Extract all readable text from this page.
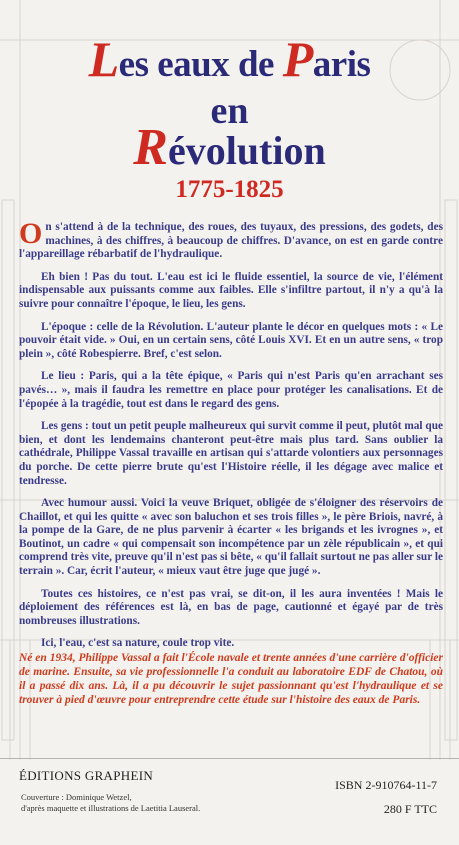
Les eaux de Paris
en
Révolution
1775-1825

On s'attend à de la technique, des roues, des tuyaux, des pressions, des godets, des machines, à des chiffres, à beaucoup de chiffres. D'avance, on est en garde contre l'appareillage rébarbatif de l'hydraulique.

Eh bien ! Pas du tout. L'eau est ici le fluide essentiel, la source de vie, l'élément indispensable aux puissants comme aux faibles. Elle s'infiltre partout, il n'y a qu'à la suivre pour connaître l'époque, le lieu, les gens.

L'époque : celle de la Révolution. L'auteur plante le décor en quelques mots : « Le pouvoir était vide. » Oui, en un certain sens, côté Louis XVI. Et en un autre sens, « trop plein », côté Robespierre. Bref, c'est selon.

Le lieu : Paris, qui a la tête épique, « Paris qui n'est Paris qu'en arrachant ses pavés… », mais il faudra les remettre en place pour protéger les canalisations. Et de l'épopée à la tragédie, tout est dans le regard des gens.

Les gens : tout un petit peuple malheureux qui survit comme il peut, plutôt mal que bien, et dont les lendemains chanteront peut-être mais plus tard. Sans oublier la cathédrale, Philippe Vassal travaille en artisan qui s'attarde volontiers aux personnages du porche. De cette pierre brute qu'est l'Histoire réelle, il les dégage avec malice et tendresse.

Avec humour aussi. Voici la veuve Briquet, obligée de s'éloigner des réservoirs de Chaillot, et qui les quitte « avec son baluchon et ses trois filles », le père Briois, navré, à la pompe de la Gare, de ne plus parvenir à écarter « les brigands et les ivrognes », et Boutinot, un cadre « qui compensait son incompétence par un zèle républicain », et qui comprend très vite, preuve qu'il n'est pas si bête, « qu'il fallait surtout ne pas aller sur le terrain ». Car, écrit l'auteur, « mieux vaut être juge que jugé ».

Toutes ces histoires, ce n'est pas vrai, se dit-on, il les aura inventées ! Mais le déploiement des références est là, en bas de page, cautionné et égayé par de très nombreuses illustrations.

Ici, l'eau, c'est sa nature, coule trop vite.

Né en 1934, Philippe Vassal a fait l'École navale et trente années d'une carrière d'officier de marine. Ensuite, sa vie professionnelle l'a conduit au laboratoire EDF de Chatou, où il a passé dix ans. Là, il a pu découvrir le sujet passionnant qu'est l'hydraulique et se trouver à pied d'œuvre pour entreprendre cette étude sur l'histoire des eaux de Paris.
ÉDITIONS GRAPHEIN
ISBN 2-910764-11-7
Couverture : Dominique Wetzel,
d'après maquette et illustrations de Laetitia Lauseral.	280 F TTC
